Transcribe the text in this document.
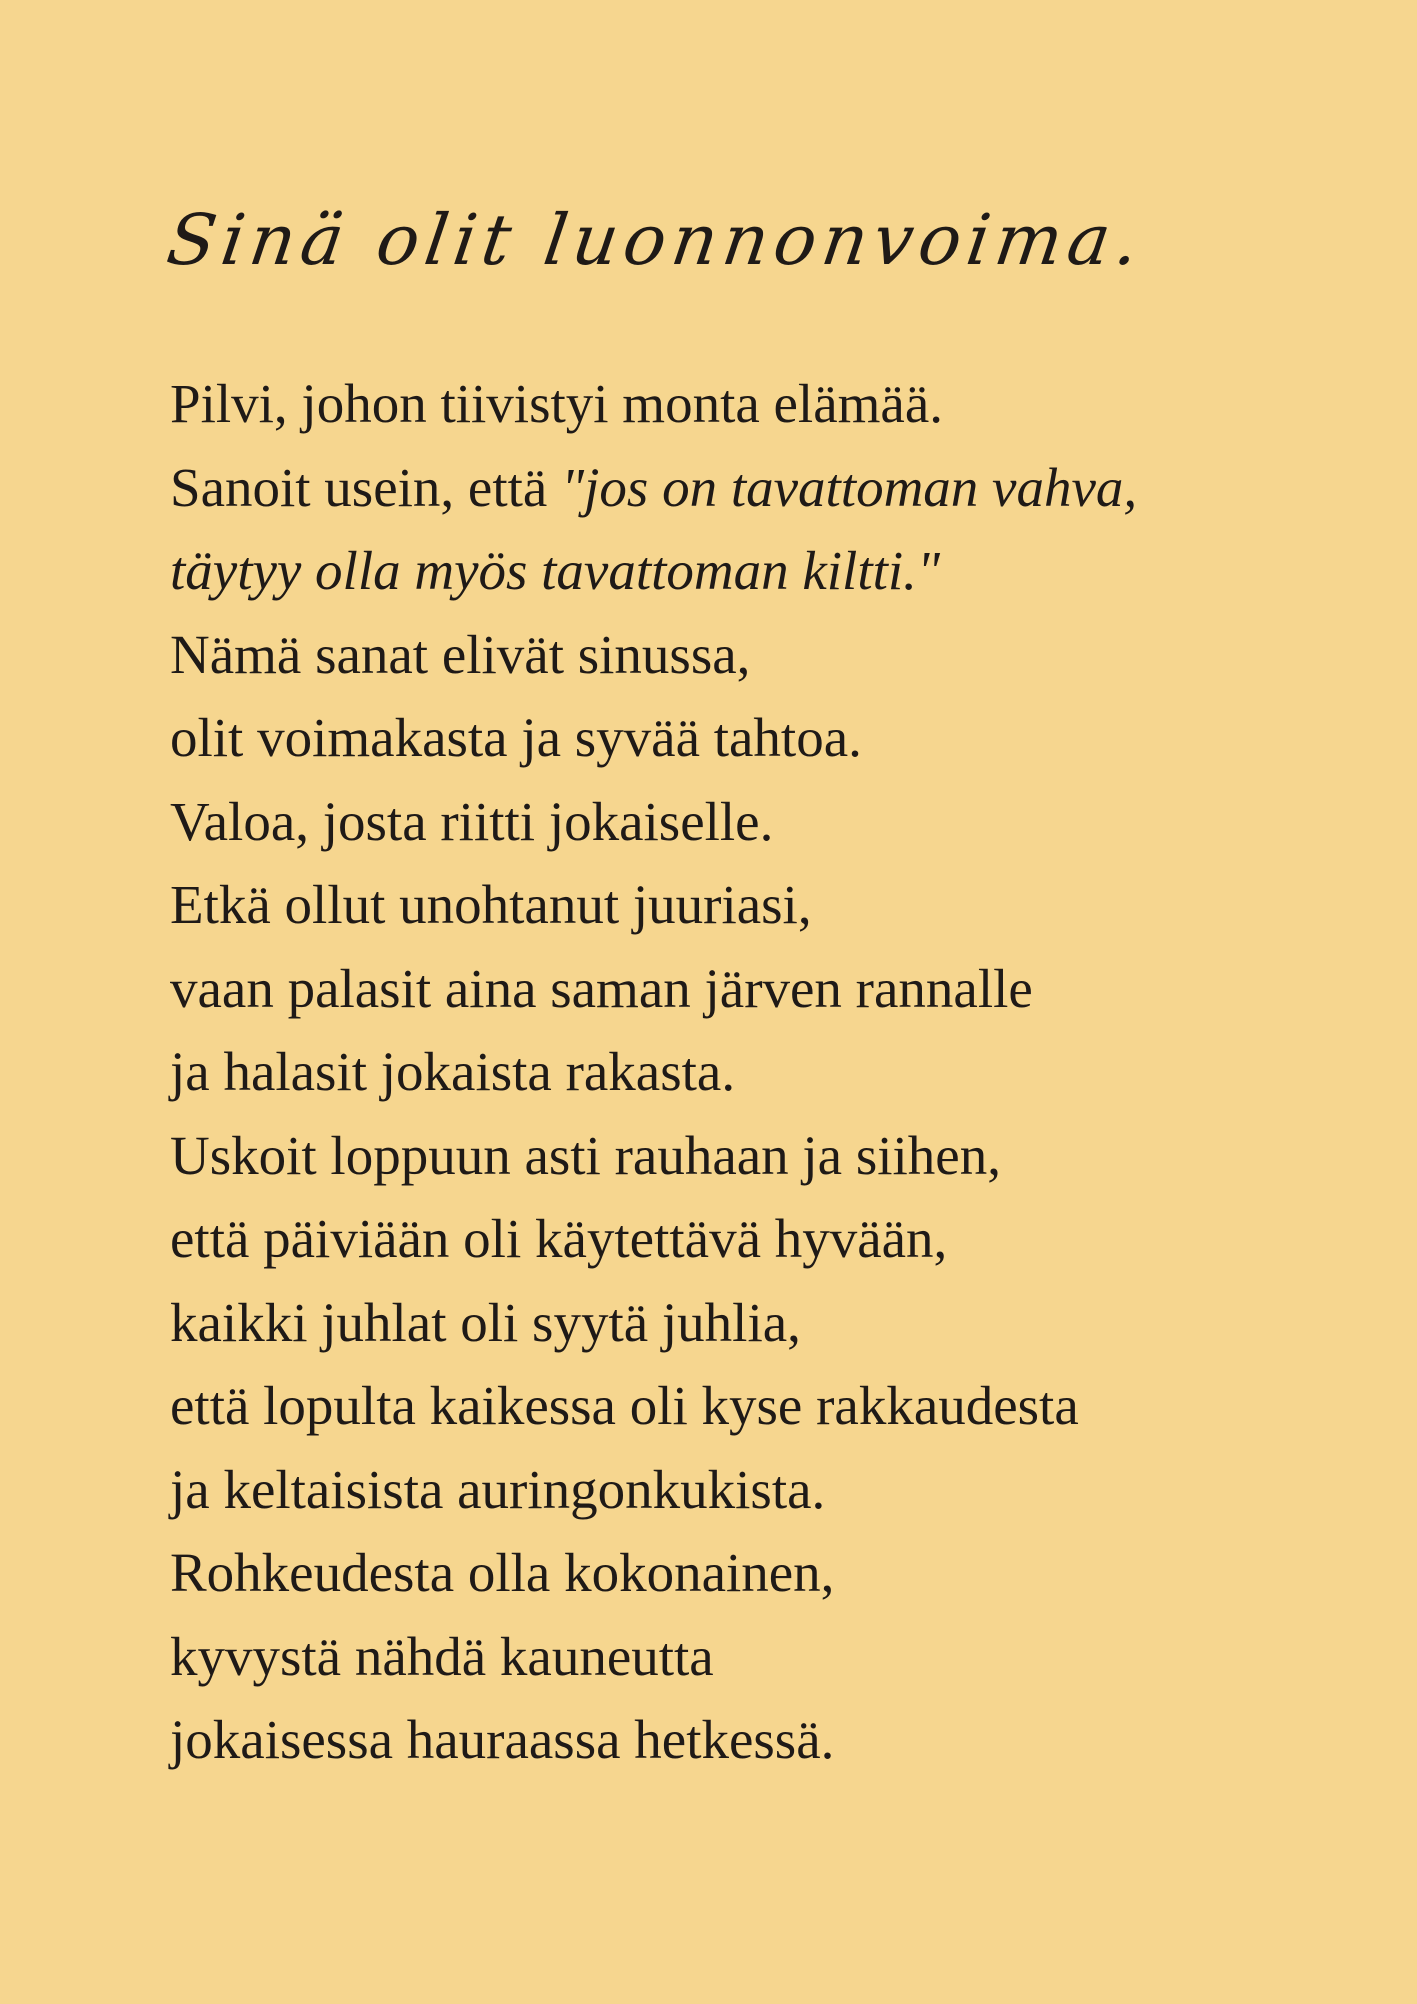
Sinä olit luonnonvoima.
Pilvi, johon tiivistyi monta elämää.
Sanoit usein, että "jos on tavattoman vahva,
täytyy olla myös tavattoman kiltti."
Nämä sanat elivät sinussa,
olit voimakasta ja syvää tahtoa.
Valoa, josta riitti jokaiselle.
Etkä ollut unohtanut juuriasi,
vaan palasit aina saman järven rannalle
ja halasit jokaista rakasta.
Uskoit loppuun asti rauhaan ja siihen,
että päiviään oli käytettävä hyvään,
kaikki juhlat oli syytä juhlia,
että lopulta kaikessa oli kyse rakkaudesta
ja keltaisista auringonkukista.
Rohkeudesta olla kokonainen,
kyvystä nähdä kauneutta
jokaisessa hauraassa hetkessä.
